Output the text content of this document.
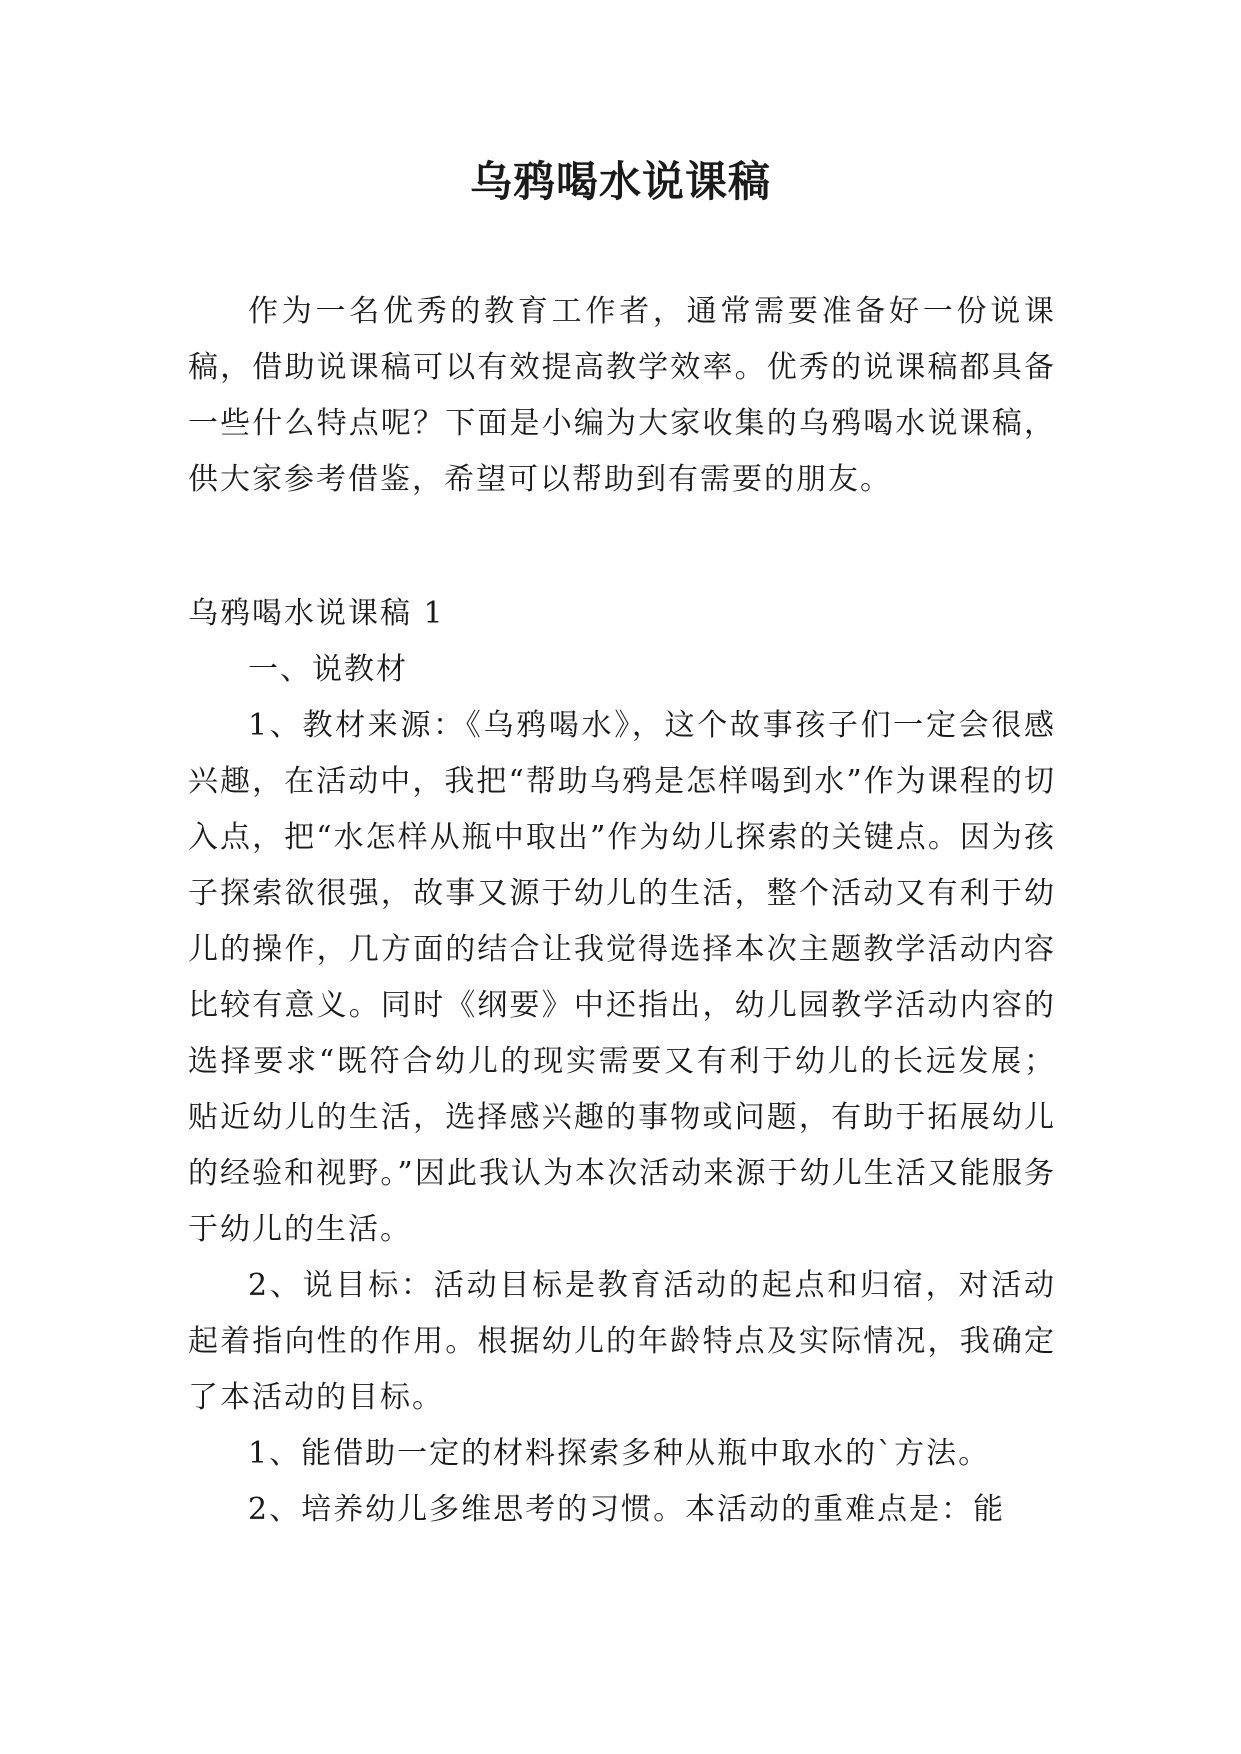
乌鸦喝水说课稿

作为一名优秀的教育工作者，通常需要准备好一份说课稿，借助说课稿可以有效提高教学效率。优秀的说课稿都具备一些什么特点呢？下面是小编为大家收集的乌鸦喝水说课稿，供大家参考借鉴，希望可以帮助到有需要的朋友。

乌鸦喝水说课稿 1

一、说教材

1、教材来源：《乌鸦喝水》，这个故事孩子们一定会很感兴趣，在活动中，我把“帮助乌鸦是怎样喝到水”作为课程的切入点，把“水怎样从瓶中取出”作为幼儿探索的关键点。因为孩子探索欲很强，故事又源于幼儿的生活，整个活动又有利于幼儿的操作，几方面的结合让我觉得选择本次主题教学活动内容比较有意义。同时《纲要》中还指出，幼儿园教学活动内容的选择要求“既符合幼儿的现实需要又有利于幼儿的长远发展；贴近幼儿的生活，选择感兴趣的事物或问题，有助于拓展幼儿的经验和视野。”因此我认为本次活动来源于幼儿生活又能服务于幼儿的生活。

2、说目标：活动目标是教育活动的起点和归宿，对活动起着指向性的作用。根据幼儿的年龄特点及实际情况，我确定了本活动的目标。

1、能借助一定的材料探索多种从瓶中取水的`方法。

2、培养幼儿多维思考的习惯。本活动的重难点是：能
